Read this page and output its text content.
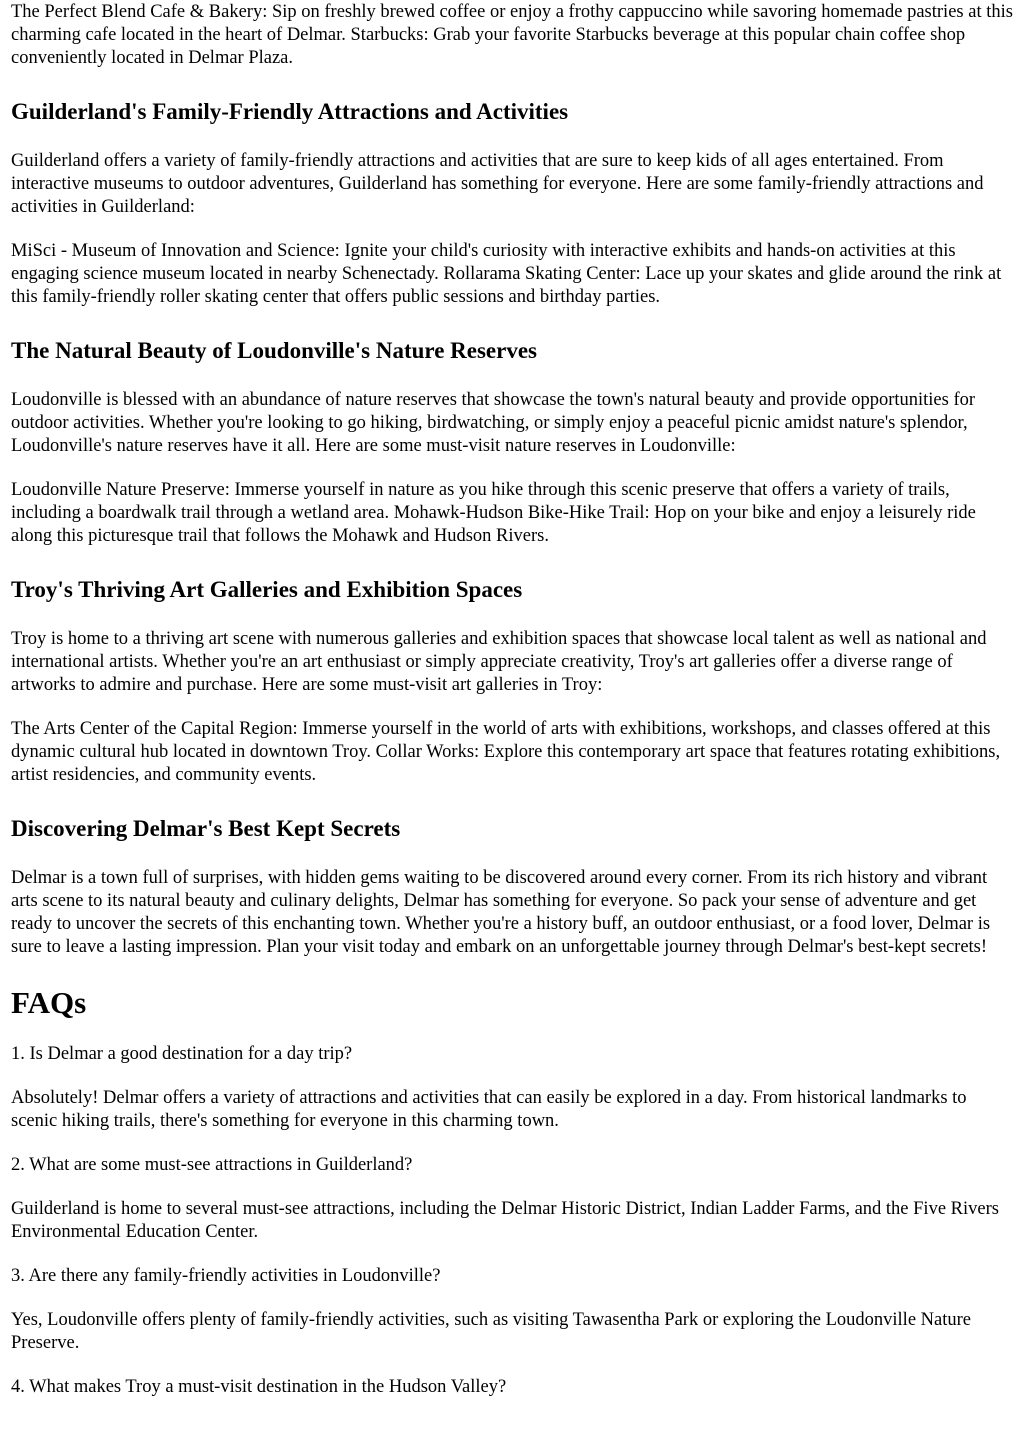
The Perfect Blend Cafe & Bakery: Sip on freshly brewed coffee or enjoy a frothy cappuccino while savoring homemade pastries at this charming cafe located in the heart of Delmar. Starbucks: Grab your favorite Starbucks beverage at this popular chain coffee shop conveniently located in Delmar Plaza.

Guilderland's Family-Friendly Attractions and Activities

Guilderland offers a variety of family-friendly attractions and activities that are sure to keep kids of all ages entertained. From interactive museums to outdoor adventures, Guilderland has something for everyone. Here are some family-friendly attractions and activities in Guilderland:

MiSci - Museum of Innovation and Science: Ignite your child's curiosity with interactive exhibits and hands-on activities at this engaging science museum located in nearby Schenectady. Rollarama Skating Center: Lace up your skates and glide around the rink at this family-friendly roller skating center that offers public sessions and birthday parties.

The Natural Beauty of Loudonville's Nature Reserves

Loudonville is blessed with an abundance of nature reserves that showcase the town's natural beauty and provide opportunities for outdoor activities. Whether you're looking to go hiking, birdwatching, or simply enjoy a peaceful picnic amidst nature's splendor, Loudonville's nature reserves have it all. Here are some must-visit nature reserves in Loudonville:

Loudonville Nature Preserve: Immerse yourself in nature as you hike through this scenic preserve that offers a variety of trails, including a boardwalk trail through a wetland area. Mohawk-Hudson Bike-Hike Trail: Hop on your bike and enjoy a leisurely ride along this picturesque trail that follows the Mohawk and Hudson Rivers.

Troy's Thriving Art Galleries and Exhibition Spaces

Troy is home to a thriving art scene with numerous galleries and exhibition spaces that showcase local talent as well as national and international artists. Whether you're an art enthusiast or simply appreciate creativity, Troy's art galleries offer a diverse range of artworks to admire and purchase. Here are some must-visit art galleries in Troy:

The Arts Center of the Capital Region: Immerse yourself in the world of arts with exhibitions, workshops, and classes offered at this dynamic cultural hub located in downtown Troy. Collar Works: Explore this contemporary art space that features rotating exhibitions, artist residencies, and community events.

Discovering Delmar's Best Kept Secrets

Delmar is a town full of surprises, with hidden gems waiting to be discovered around every corner. From its rich history and vibrant arts scene to its natural beauty and culinary delights, Delmar has something for everyone. So pack your sense of adventure and get ready to uncover the secrets of this enchanting town. Whether you're a history buff, an outdoor enthusiast, or a food lover, Delmar is sure to leave a lasting impression. Plan your visit today and embark on an unforgettable journey through Delmar's best-kept secrets!

FAQs

1. Is Delmar a good destination for a day trip?

Absolutely! Delmar offers a variety of attractions and activities that can easily be explored in a day. From historical landmarks to scenic hiking trails, there's something for everyone in this charming town.

2. What are some must-see attractions in Guilderland?

Guilderland is home to several must-see attractions, including the Delmar Historic District, Indian Ladder Farms, and the Five Rivers Environmental Education Center.

3. Are there any family-friendly activities in Loudonville?

Yes, Loudonville offers plenty of family-friendly activities, such as visiting Tawasentha Park or exploring the Loudonville Nature Preserve.

4. What makes Troy a must-visit destination in the Hudson Valley?
